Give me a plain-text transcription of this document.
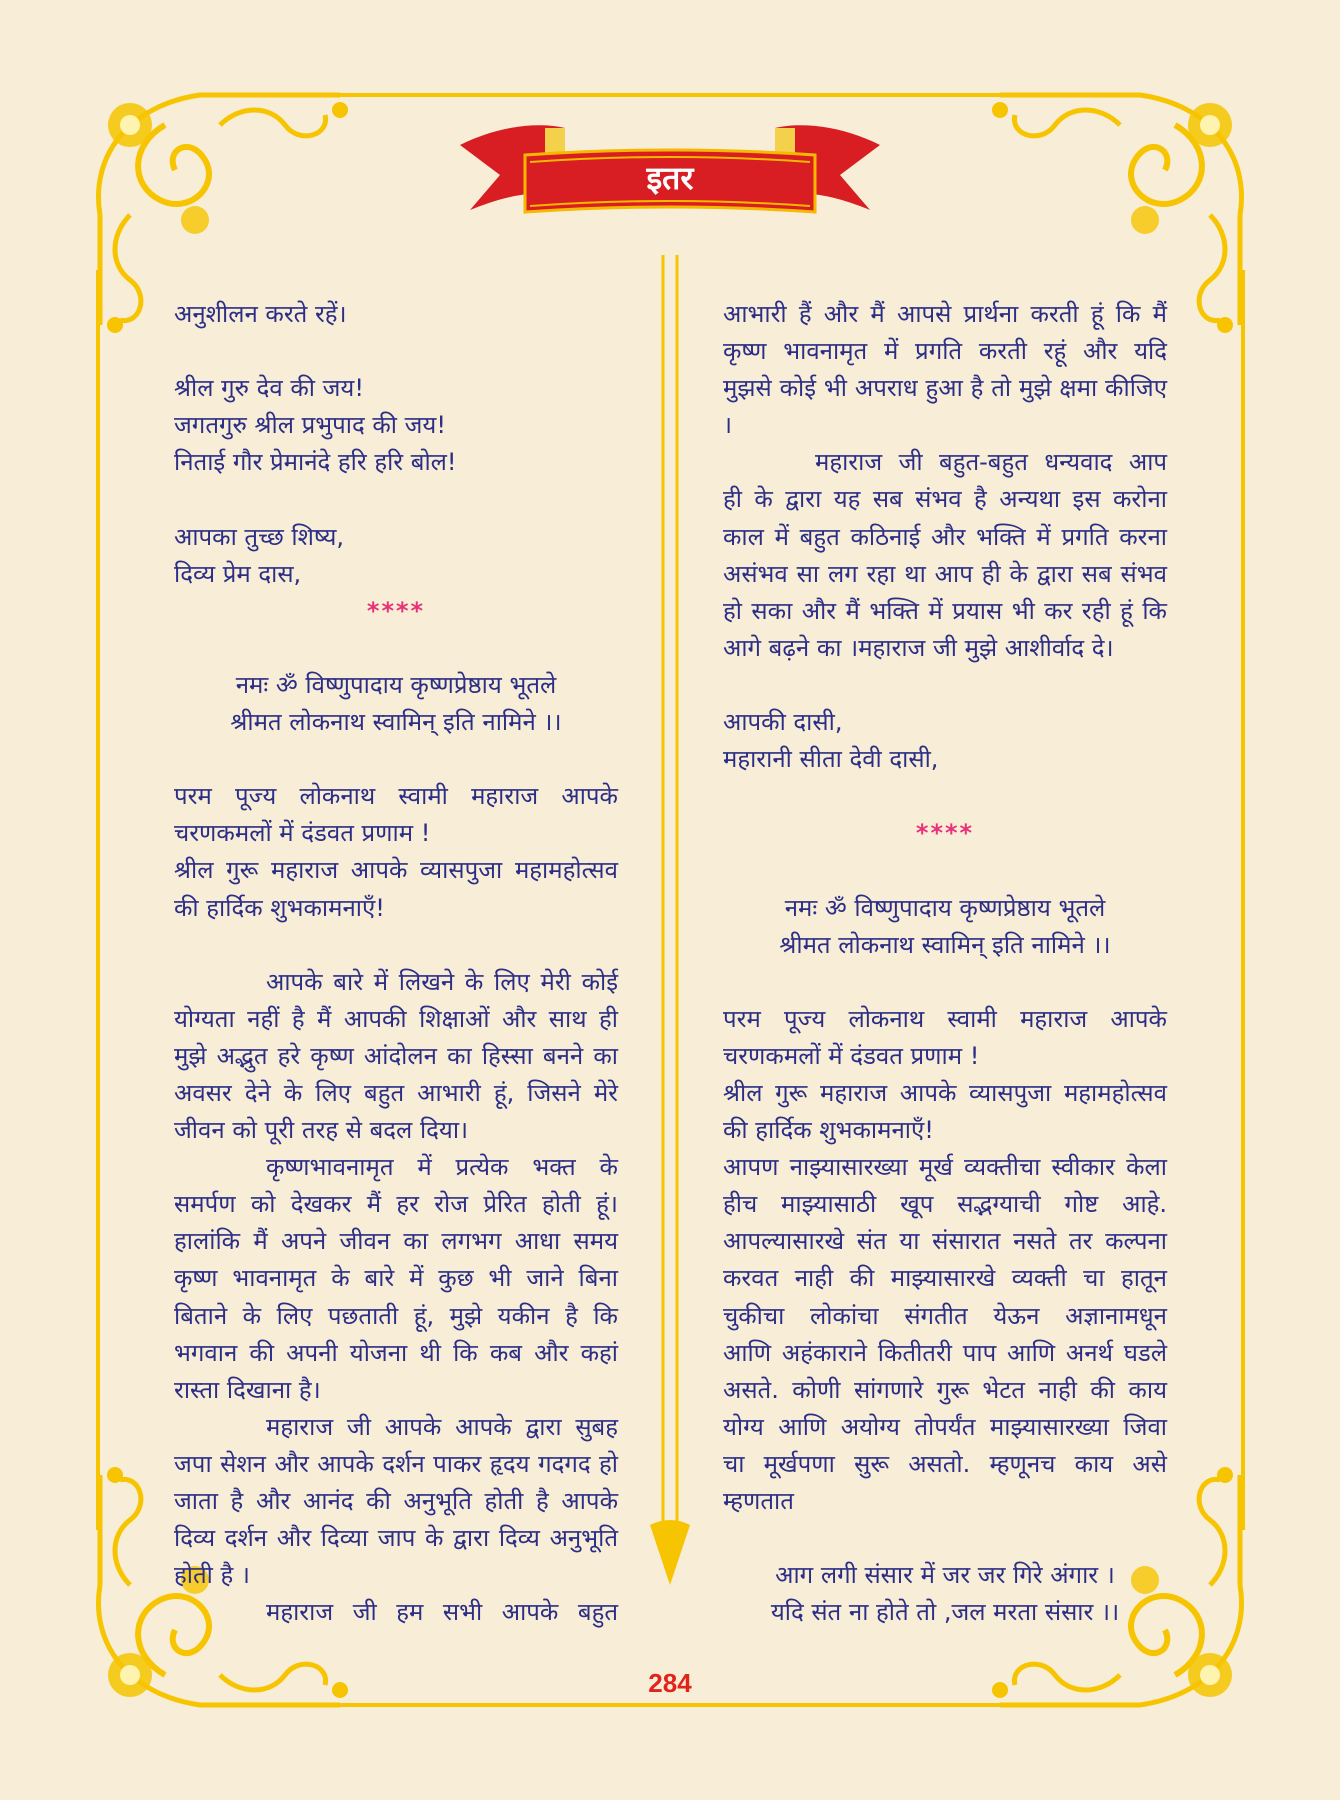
इतर
अनुशीलन करते रहें।
श्रील गुरु देव की जय!
जगतगुरु श्रील प्रभुपाद की जय!
निताई गौर प्रेमानंदे हरि हरि बोल!
आपका तुच्छ शिष्य,
दिव्य प्रेम दास,
****
नमः ॐ विष्णुपादाय कृष्णप्रेष्ठाय भूतले
श्रीमत लोकनाथ स्वामिन् इति नामिने ।।
परम पूज्य लोकनाथ स्वामी महाराज आपके
चरणकमलों में दंडवत प्रणाम !
श्रील गुरू महाराज आपके व्यासपुजा महामहोत्सव
की हार्दिक शुभकामनाएँ!
आपके बारे में लिखने के लिए मेरी कोई
योग्यता नहीं है मैं आपकी शिक्षाओं और साथ ही
मुझे अद्भुत हरे कृष्ण आंदोलन का हिस्सा बनने का
अवसर देने के लिए बहुत आभारी हूं, जिसने मेरे
जीवन को पूरी तरह से बदल दिया।
कृष्णभावनामृत में प्रत्येक भक्त के
समर्पण को देखकर मैं हर रोज प्रेरित होती हूं।
हालांकि मैं अपने जीवन का लगभग आधा समय
कृष्ण भावनामृत के बारे में कुछ भी जाने बिना
बिताने के लिए पछताती हूं, मुझे यकीन है कि
भगवान की अपनी योजना थी कि कब और कहां
रास्ता दिखाना है।
महाराज जी आपके आपके द्वारा सुबह
जपा सेशन और आपके दर्शन पाकर हृदय गदगद हो
जाता है और आनंद की अनुभूति होती है आपके
दिव्य दर्शन और दिव्या जाप के द्वारा दिव्य अनुभूति
होती है ।
महाराज जी हम सभी आपके बहुत
आभारी हैं और मैं आपसे प्रार्थना करती हूं कि मैं
कृष्ण भावनामृत में प्रगति करती रहूं और यदि
मुझसे कोई भी अपराध हुआ है तो मुझे क्षमा कीजिए
।
महाराज जी बहुत-बहुत धन्यवाद आप
ही के द्वारा यह सब संभव है अन्यथा इस करोना
काल में बहुत कठिनाई और भक्ति में प्रगति करना
असंभव सा लग रहा था आप ही के द्वारा सब संभव
हो सका और मैं भक्ति में प्रयास भी कर रही हूं कि
आगे बढ़ने का ।महाराज जी मुझे आशीर्वाद दे।
आपकी दासी,
महारानी सीता देवी दासी,
****
नमः ॐ विष्णुपादाय कृष्णप्रेष्ठाय भूतले
श्रीमत लोकनाथ स्वामिन् इति नामिने ।।
परम पूज्य लोकनाथ स्वामी महाराज आपके
चरणकमलों में दंडवत प्रणाम !
श्रील गुरू महाराज आपके व्यासपुजा महामहोत्सव
की हार्दिक शुभकामनाएँ!
आपण नाझ्यासारख्या मूर्ख व्यक्तीचा स्वीकार केला
हीच माझ्यासाठी खूप सद्भग्याची गोष्ट आहे.
आपल्यासारखे संत या संसारात नसते तर कल्पना
करवत नाही की माझ्यासारखे व्यक्ती चा हातून
चुकीचा लोकांचा संगतीत येऊन अज्ञानामधून
आणि अहंकाराने कितीतरी पाप आणि अनर्थ घडले
असते. कोणी सांगणारे गुरू भेटत नाही की काय
योग्य आणि अयोग्य तोपर्यंत माझ्यासारख्या जिवा
चा मूर्खपणा सुरू असतो. म्हणूनच काय असे
म्हणतात
आग लगी संसार में जर जर गिरे अंगार ।
यदि संत ना होते तो ,जल मरता संसार ।।
284
